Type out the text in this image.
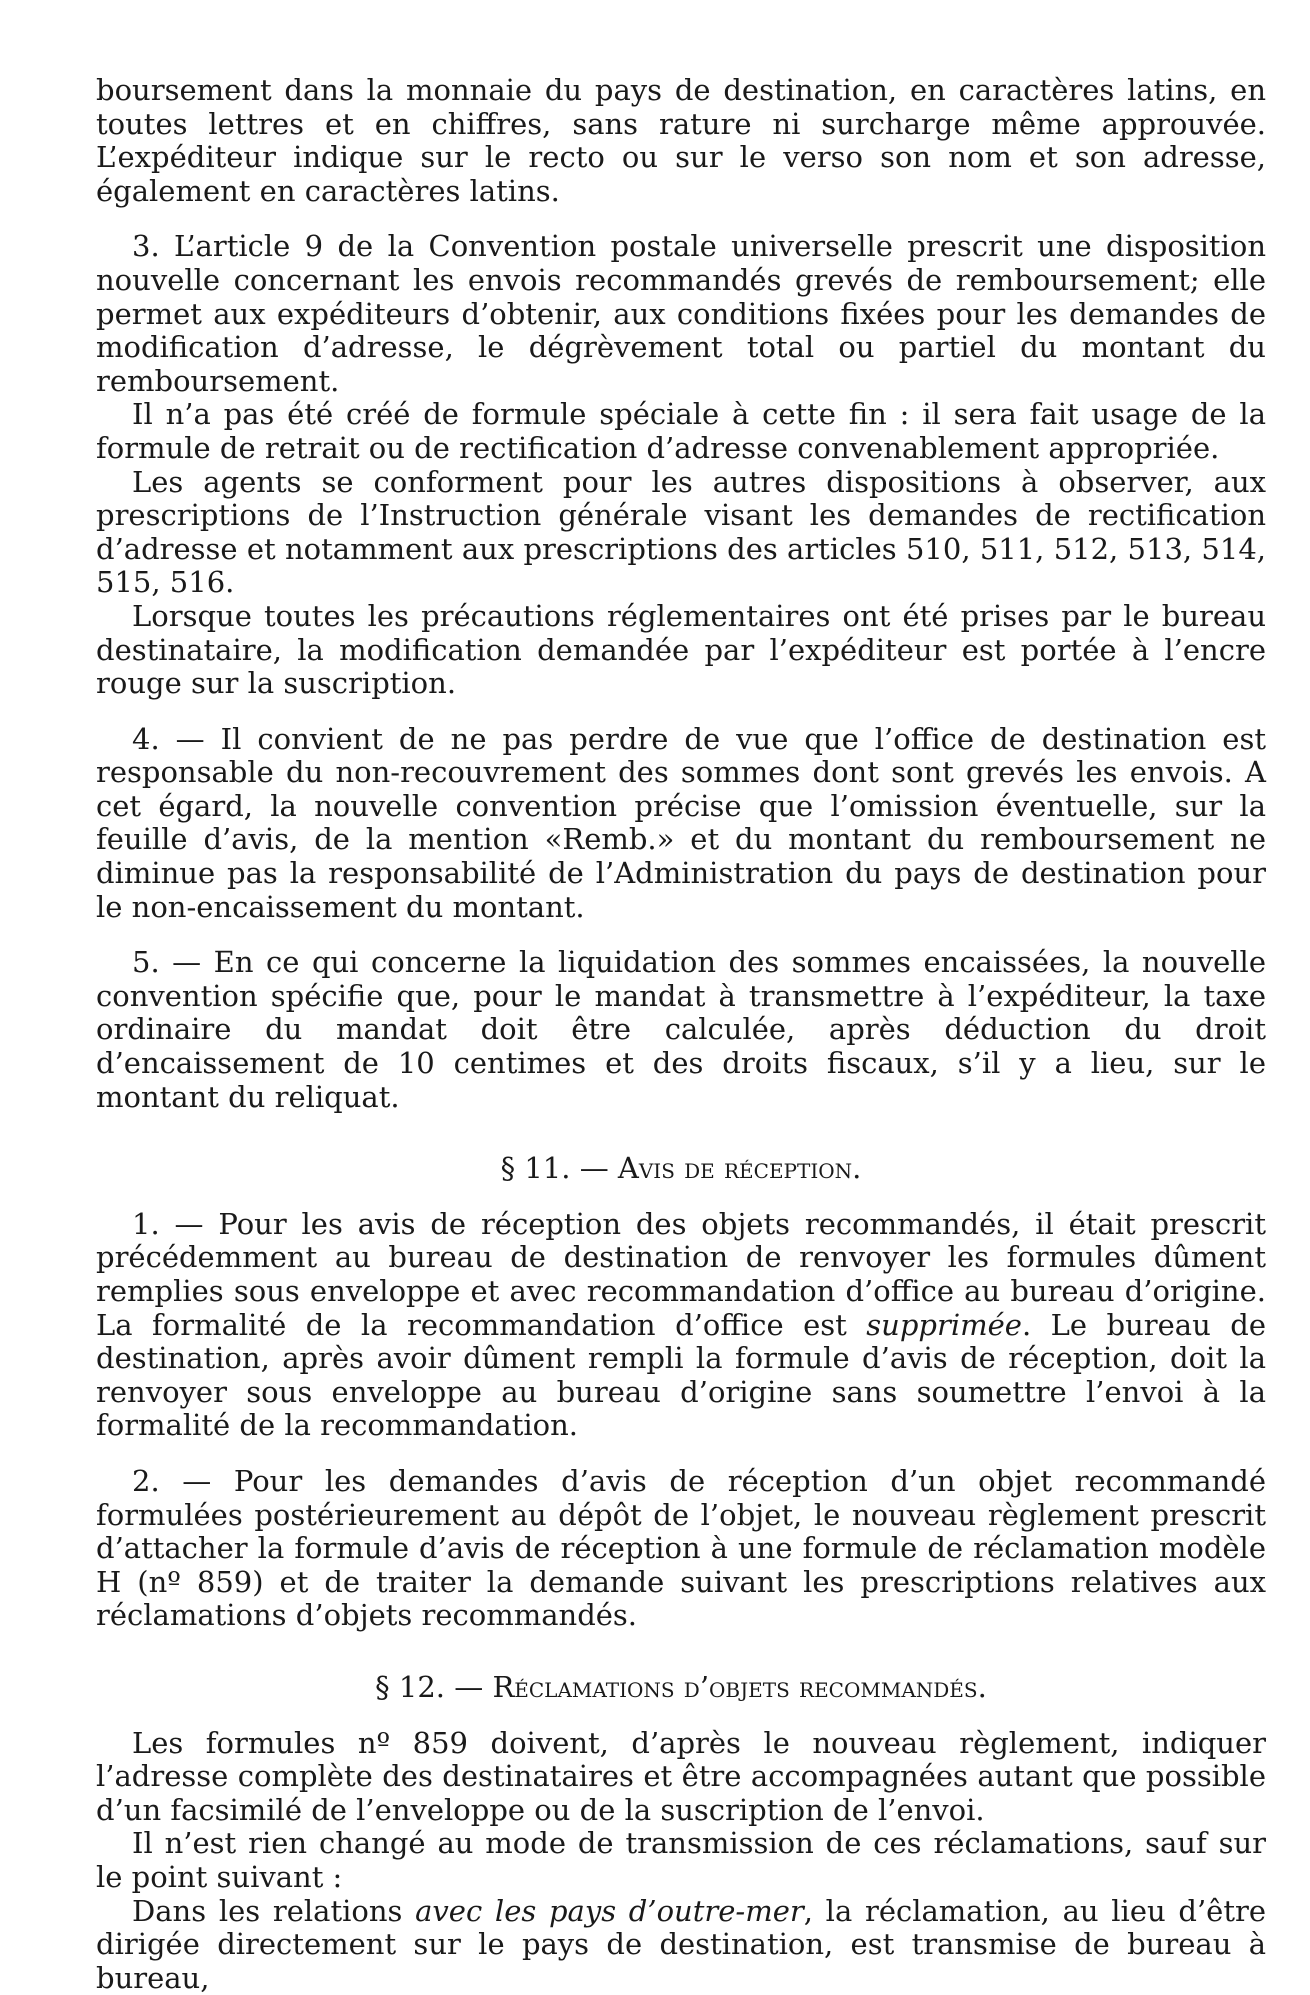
boursement dans la monnaie du pays de destination, en caractères latins, en toutes lettres et en chiffres, sans rature ni surcharge même approuvée. L’expéditeur indique sur le recto ou sur le verso son nom et son adresse, également en caractères latins.

3. L’article 9 de la Convention postale universelle prescrit une disposition nouvelle concernant les envois recommandés grevés de remboursement; elle permet aux expéditeurs d’obtenir, aux conditions fixées pour les demandes de modification d’adresse, le dégrèvement total ou partiel du montant du remboursement.

Il n’a pas été créé de formule spéciale à cette fin : il sera fait usage de la formule de retrait ou de rectification d’adresse convenablement appropriée.

Les agents se conforment pour les autres dispositions à observer, aux prescriptions de l’Instruction générale visant les demandes de rectification d’adresse et notamment aux prescriptions des articles 510, 511, 512, 513, 514, 515, 516.

Lorsque toutes les précautions réglementaires ont été prises par le bureau destinataire, la modification demandée par l’expéditeur est portée à l’encre rouge sur la suscription.

4. — Il convient de ne pas perdre de vue que l’office de destination est responsable du non-recouvrement des sommes dont sont grevés les envois. A cet égard, la nouvelle convention précise que l’omission éventuelle, sur la feuille d’avis, de la mention «Remb.» et du montant du remboursement ne diminue pas la responsabilité de l’Administration du pays de destination pour le non-encaissement du montant.

5. — En ce qui concerne la liquidation des sommes encaissées, la nouvelle convention spécifie que, pour le mandat à transmettre à l’expéditeur, la taxe ordinaire du mandat doit être calculée, après déduction du droit d’encaissement de 10 centimes et des droits fiscaux, s’il y a lieu, sur le montant du reliquat.

§ 11. — Avis de réception.

1. — Pour les avis de réception des objets recommandés, il était prescrit précédemment au bureau de destination de renvoyer les formules dûment remplies sous enveloppe et avec recommandation d’office au bureau d’origine. La formalité de la recommandation d’office est supprimée. Le bureau de destination, après avoir dûment rempli la formule d’avis de réception, doit la renvoyer sous enveloppe au bureau d’origine sans soumettre l’envoi à la formalité de la recommandation.

2. — Pour les demandes d’avis de réception d’un objet recommandé formulées postérieurement au dépôt de l’objet, le nouveau règlement prescrit d’attacher la formule d’avis de réception à une formule de réclamation modèle H (nº 859) et de traiter la demande suivant les prescriptions relatives aux réclamations d’objets recommandés.

§ 12. — Réclamations d’objets recommandés.

Les formules nº 859 doivent, d’après le nouveau règlement, indiquer l’adresse complète des destinataires et être accompagnées autant que possible d’un facsimilé de l’enveloppe ou de la suscription de l’envoi.

Il n’est rien changé au mode de transmission de ces réclamations, sauf sur le point suivant :

Dans les relations avec les pays d’outre-mer, la réclamation, au lieu d’être dirigée directement sur le pays de destination, est transmise de bureau à bureau,
